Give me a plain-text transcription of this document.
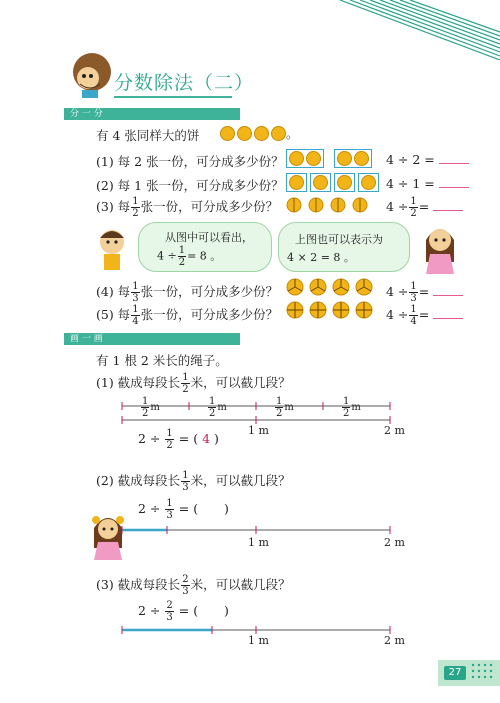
分数除法（二）
分 一 分
有 4 张同样大的饼	。
(1) 每 2 张一份，可分成多少份？	4 ÷ 2 =
(2) 每 1 张一份，可分成多少份？	4 ÷ 1 =
(3) 每 $\frac{1}{2}$ 张一份，可分成多少份？	$4 \div \frac{1}{2}$ =
从图中可以看出，
$4 \div \frac{1}{2} = 8$ 。
上图也可以表示为
4 × 2 = 8 。
(4) 每 $\frac{1}{3}$ 张一份，可分成多少份？	$4 \div \frac{1}{3}$ =
(5) 每 $\frac{1}{4}$ 张一份，可分成多少份？	$4 \div \frac{1}{4}$ =
画 一 画
有 1 根 2 米长的绳子。
(1) 截成每段长 $\frac{1}{2}$ 米，可以截几段？
$\frac{1}{2}$ m	$\frac{1}{2}$ m	$\frac{1}{2}$ m	$\frac{1}{2}$ m
1 m	2 m
$2 \div \frac{1}{2}$ = ( 4 )
(2) 截成每段长 $\frac{1}{3}$ 米，可以截几段？
$2 \div \frac{1}{3}$ = ( )
1 m	2 m
(3) 截成每段长 $\frac{2}{3}$ 米，可以截几段？
$2 \div \frac{2}{3}$ = ( )
1 m	2 m
27
